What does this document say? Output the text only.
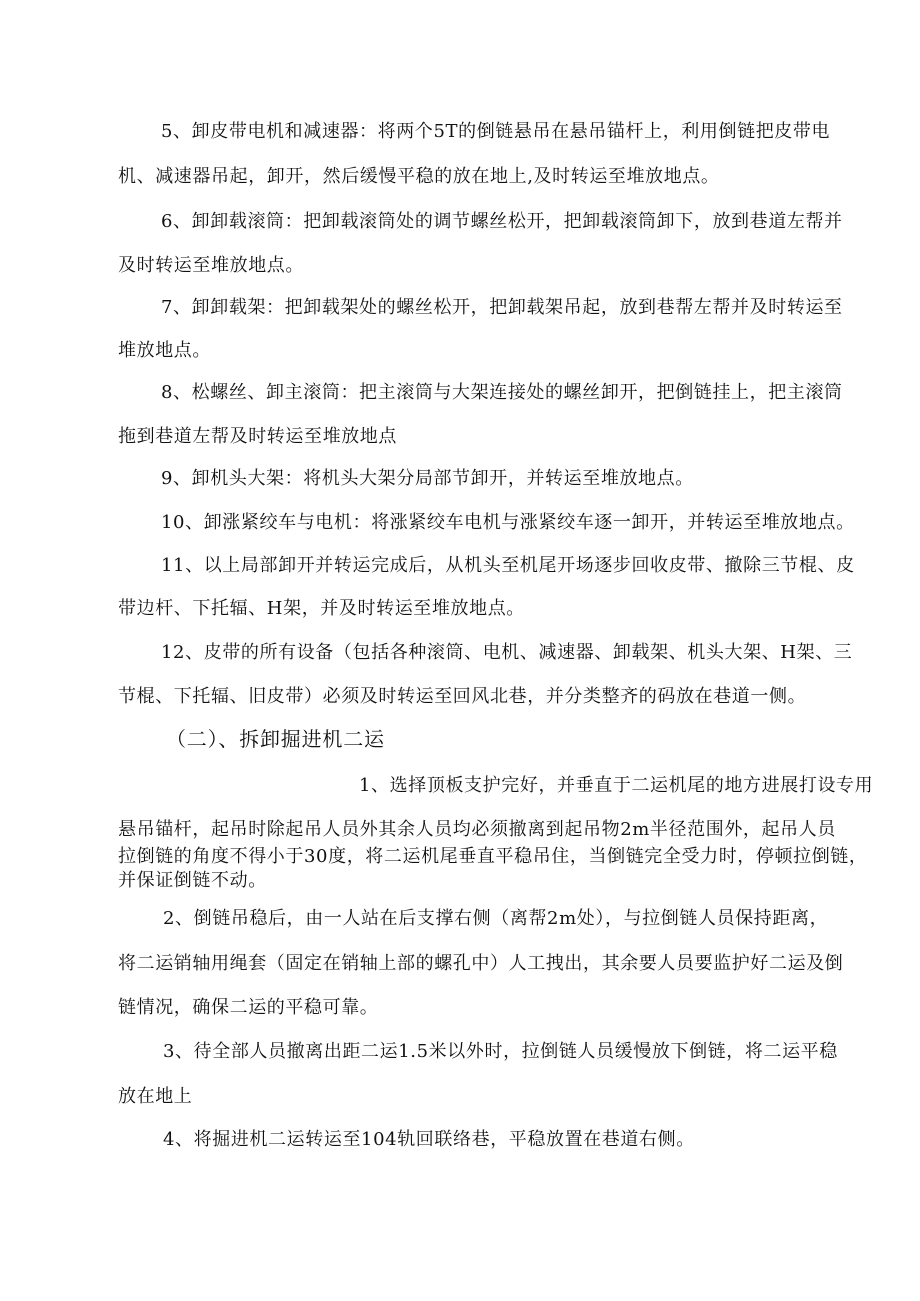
5、卸皮带电机和减速器：将两个5T的倒链悬吊在悬吊锚杆上，利用倒链把皮带电
机、减速器吊起，卸开，然后缓慢平稳的放在地上,及时转运至堆放地点。
6、卸卸载滚筒：把卸载滚筒处的调节螺丝松开，把卸载滚筒卸下，放到巷道左帮并
及时转运至堆放地点。
7、卸卸载架：把卸载架处的螺丝松开，把卸载架吊起，放到巷帮左帮并及时转运至
堆放地点。
8、松螺丝、卸主滚筒：把主滚筒与大架连接处的螺丝卸开，把倒链挂上，把主滚筒
拖到巷道左帮及时转运至堆放地点
9、卸机头大架：将机头大架分局部节卸开，并转运至堆放地点。
10、卸涨紧绞车与电机：将涨紧绞车电机与涨紧绞车逐一卸开，并转运至堆放地点。
11、以上局部卸开并转运完成后，从机头至机尾开场逐步回收皮带、撤除三节棍、皮
带边杆、下托辐、H架，并及时转运至堆放地点。
12、皮带的所有设备（包括各种滚筒、电机、减速器、卸载架、机头大架、H架、三
节棍、下托辐、旧皮带）必须及时转运至回风北巷，并分类整齐的码放在巷道一侧。
（二）、拆卸掘进机二运
1、选择顶板支护完好，并垂直于二运机尾的地方进展打设专用
悬吊锚杆，起吊时除起吊人员外其余人员均必须撤离到起吊物2m半径范围外，起吊人员
拉倒链的角度不得小于30度，将二运机尾垂直平稳吊住，当倒链完全受力时，停顿拉倒链，
并保证倒链不动。
2、倒链吊稳后，由一人站在后支撑右侧（离帮2m处），与拉倒链人员保持距离，
将二运销轴用绳套（固定在销轴上部的螺孔中）人工拽出，其余要人员要监护好二运及倒
链情况，确保二运的平稳可靠。
3、待全部人员撤离出距二运1.5米以外时，拉倒链人员缓慢放下倒链，将二运平稳
放在地上
4、将掘进机二运转运至104轨回联络巷，平稳放置在巷道右侧。
